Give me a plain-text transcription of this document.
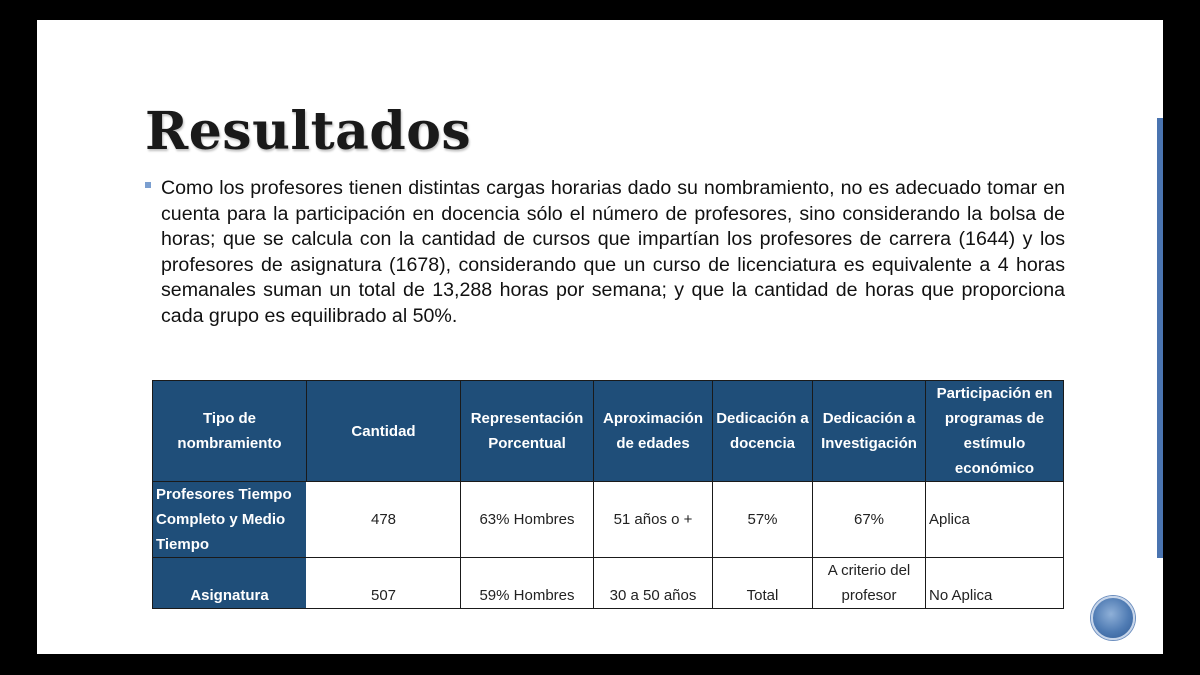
Resultados

Como los profesores tienen distintas cargas horarias dado su nombramiento, no es adecuado tomar en cuenta para la participación en docencia sólo el número de profesores, sino considerando la bolsa de horas; que se calcula con la cantidad de cursos que impartían los profesores de carrera (1644) y los profesores de asignatura (1678), considerando que un curso de licenciatura es equivalente a 4 horas semanales suman un total de 13,288 horas por semana; y que la cantidad de horas que proporciona cada grupo es equilibrado al 50%.

Tipo de nombramiento	Cantidad	Representación Porcentual	Aproximación de edades	Dedicación a docencia	Dedicación a Investigación	Participación en programas de estímulo económico
Profesores Tiempo Completo y Medio Tiempo	478	63% Hombres	51 años o +	57%	67%	Aplica
Asignatura	507	59% Hombres	30 a 50 años	Total	A criterio del profesor	No Aplica
